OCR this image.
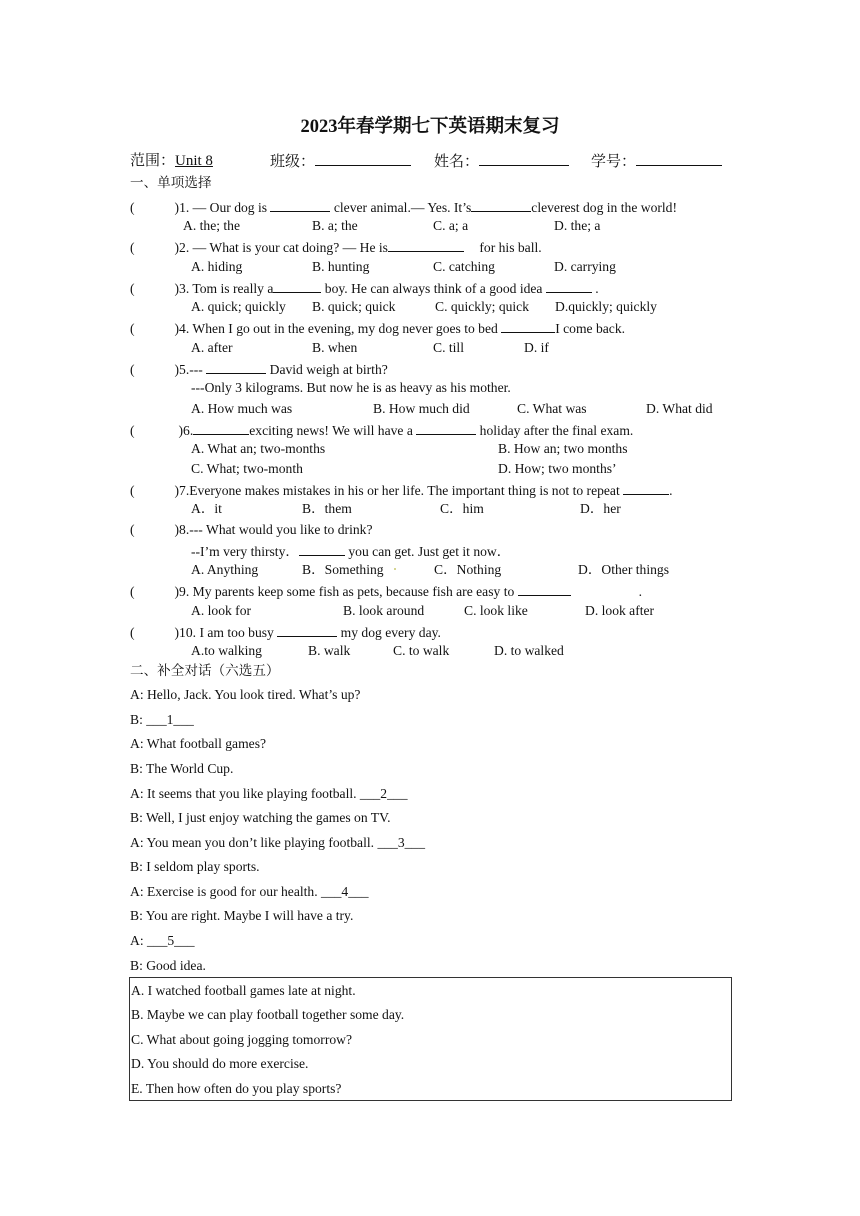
2023年春学期七下英语期末复习
范围：Unit 8	班级：	姓名：	学号：
一、单项选择
(	)1. — Our dog is	clever animal.— Yes. It’s	cleverest dog in the world!
A. the; the	B. a; the	C. a; a	D. the; a
(	)2. — What is your cat doing? — He is	for his ball.
A. hiding	B. hunting	C. catching	D. carrying
(	)3. Tom is really a	boy. He can always think of a good idea	.
A. quick; quickly B. quick; quick	C. quickly; quick D.quickly; quickly
(	)4. When I go out in the evening, my dog never goes to bed	I come back.
A. after	B. when	C. till	D. if
(	)5.---	David weigh at birth?
---Only 3 kilograms. But now he is as heavy as his mother.
A. How much was	B. How much did	C. What was	D. What did
(	)6.	exciting news! We will have a	holiday after the final exam.
A. What an; two-months	B. How an; two months
C. What; two-month	D. How; two months’
(	)7.Everyone makes mistakes in his or her life. The important thing is not to repeat	.
A．it	B．them	C．him	D．her
(	)8.--- What would you like to drink?
--I’m very thirsty．	you can get. Just get it now．
A. Anything	B．Something	C．Nothing	D．Other things
(	)9. My parents keep some fish as pets, because fish are easy to	.
A. look for	B. look around	C. look like	D. look after
(	)10. I am too busy	my dog every day.
A.to walking	B. walk	C. to walk	D. to walked
二、补全对话（六选五）
A: Hello, Jack. You look tired. What’s up?
B: ___1___
A: What football games?
B: The World Cup.
A: It seems that you like playing football. ___2___
B: Well, I just enjoy watching the games on TV.
A: You mean you don’t like playing football. ___3___
B: I seldom play sports.
A: Exercise is good for our health. ___4___
B: You are right. Maybe I will have a try.
A: ___5___
B: Good idea.
A. I watched football games late at night.
B. Maybe we can play football together some day.
C. What about going jogging tomorrow?
D. You should do more exercise.
E. Then how often do you play sports?
